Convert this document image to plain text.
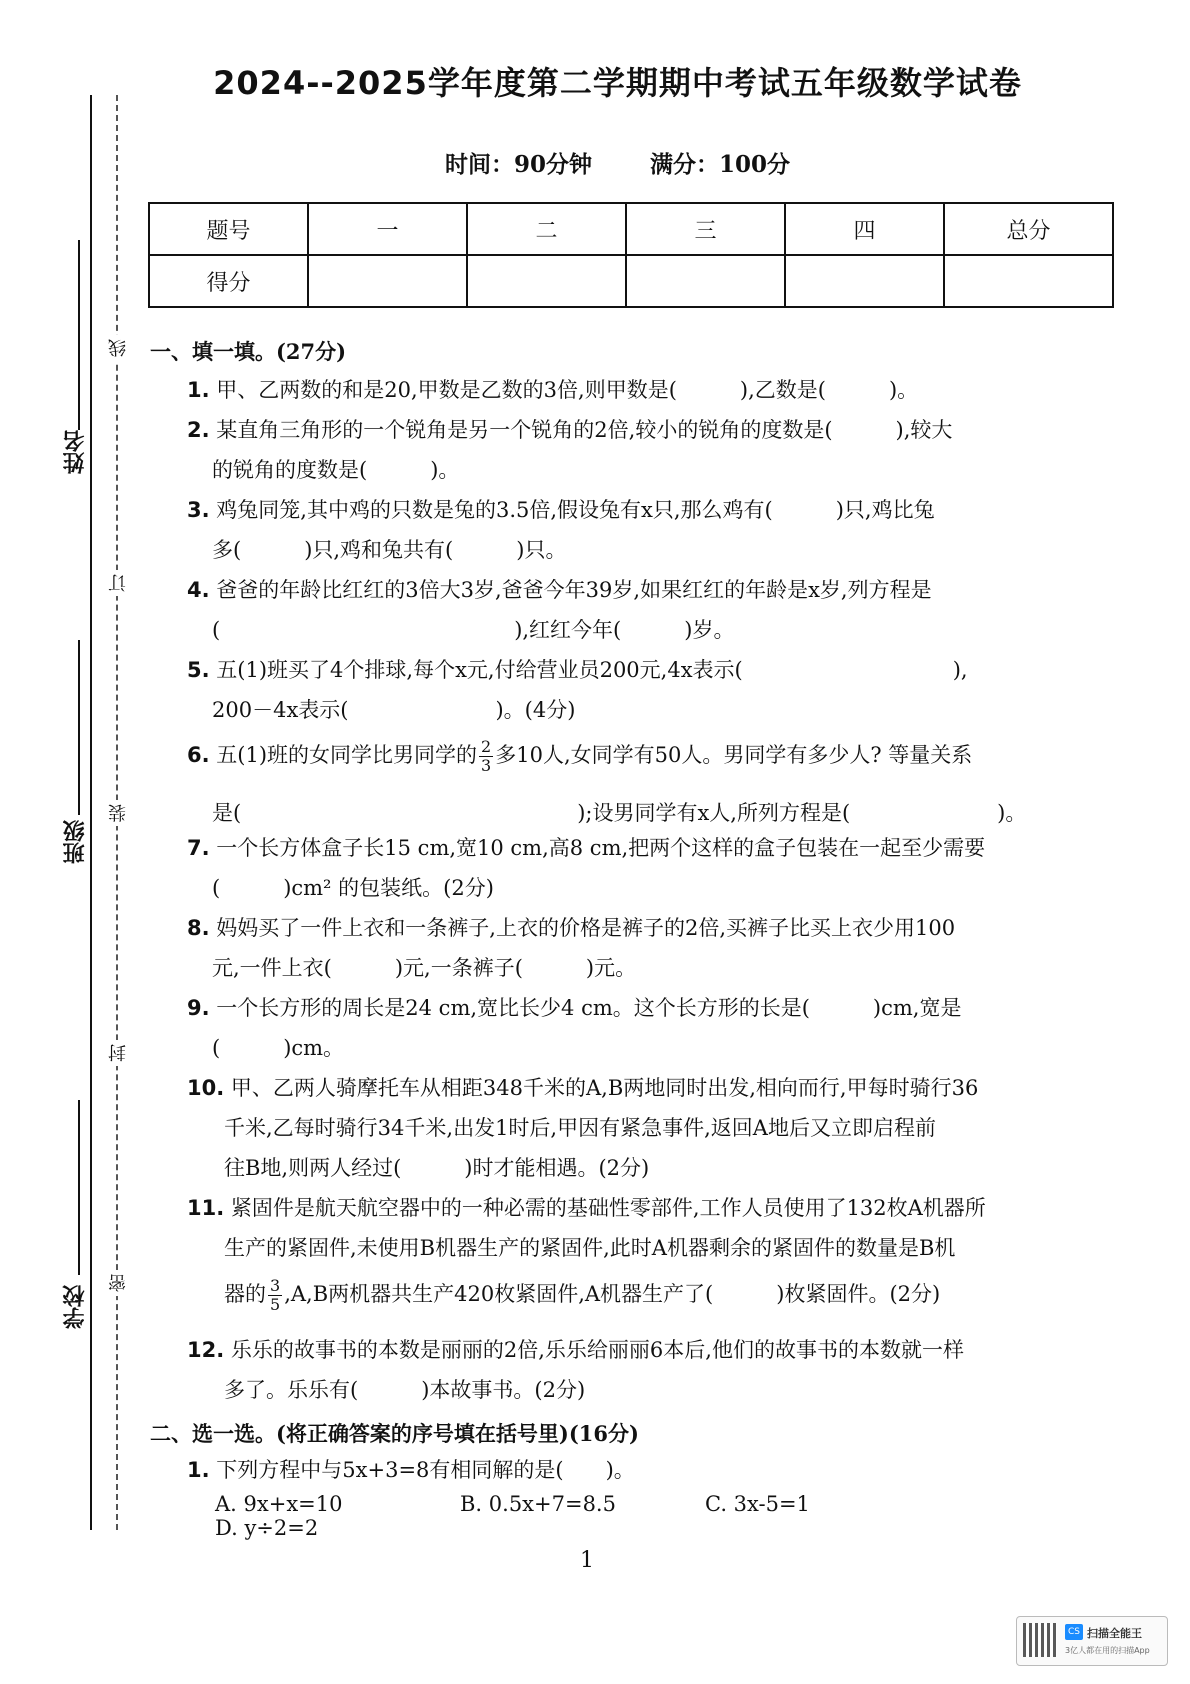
姓名
班级
学校
线
订
装
封
密
2024--2025学年度第二学期期中考试五年级数学试卷
时间：90分钟	满分：100分
题号	一	二	三	四	总分
得分					
一、填一填。(27分)
1. 甲、乙两数的和是20,甲数是乙数的3倍,则甲数是(　　　),乙数是(　　　)。
2. 某直角三角形的一个锐角是另一个锐角的2倍,较小的锐角的度数是(　　　),较大
的锐角的度数是(　　　)。
3. 鸡兔同笼,其中鸡的只数是兔的3.5倍,假设兔有x只,那么鸡有(　　　)只,鸡比兔
多(　　　)只,鸡和兔共有(　　　)只。
4. 爸爸的年龄比红红的3倍大3岁,爸爸今年39岁,如果红红的年龄是x岁,列方程是
(　　　　　　　　　　　　　　),红红今年(　　　)岁。
5. 五(1)班买了4个排球,每个x元,付给营业员200元,4x表示(　　　　　　　　　　),
200－4x表示(　　　　　　　)。(4分)
6. 五(1)班的女同学比男同学的 $\frac{2}{3}$ 多10人,女同学有50人。男同学有多少人? 等量关系
是(　　　　　　　　　　　　　　　　);设男同学有x人,所列方程是(　　　　　　　)。
7. 一个长方体盒子长15 cm,宽10 cm,高8 cm,把两个这样的盒子包装在一起至少需要
(　　　)cm² 的包装纸。(2分)
8. 妈妈买了一件上衣和一条裤子,上衣的价格是裤子的2倍,买裤子比买上衣少用100
元,一件上衣(　　　)元,一条裤子(　　　)元。
9. 一个长方形的周长是24 cm,宽比长少4 cm。这个长方形的长是(　　　)cm,宽是
(　　　)cm。
10. 甲、乙两人骑摩托车从相距348千米的A,B两地同时出发,相向而行,甲每时骑行36
千米,乙每时骑行34千米,出发1时后,甲因有紧急事件,返回A地后又立即启程前
往B地,则两人经过(　　　)时才能相遇。(2分)
11. 紧固件是航天航空器中的一种必需的基础性零部件,工作人员使用了132枚A机器所
生产的紧固件,未使用B机器生产的紧固件,此时A机器剩余的紧固件的数量是B机
器的 $\frac{3}{5} ,A,B$两机器共生产420枚紧固件,A机器生产了(　　　)枚紧固件。(2分)
12. 乐乐的故事书的本数是丽丽的2倍,乐乐给丽丽6本后,他们的故事书的本数就一样
多了。乐乐有(　　　)本故事书。(2分)
二、选一选。(将正确答案的序号填在括号里)(16分)
1. 下列方程中与5x+3=8有相同解的是(　　)。
A. 9x+x=10	B. 0.5x+7=8.5	C. 3x-5=1D. y÷2=2
1
CS 扫描全能王
3亿人都在用的扫描App
